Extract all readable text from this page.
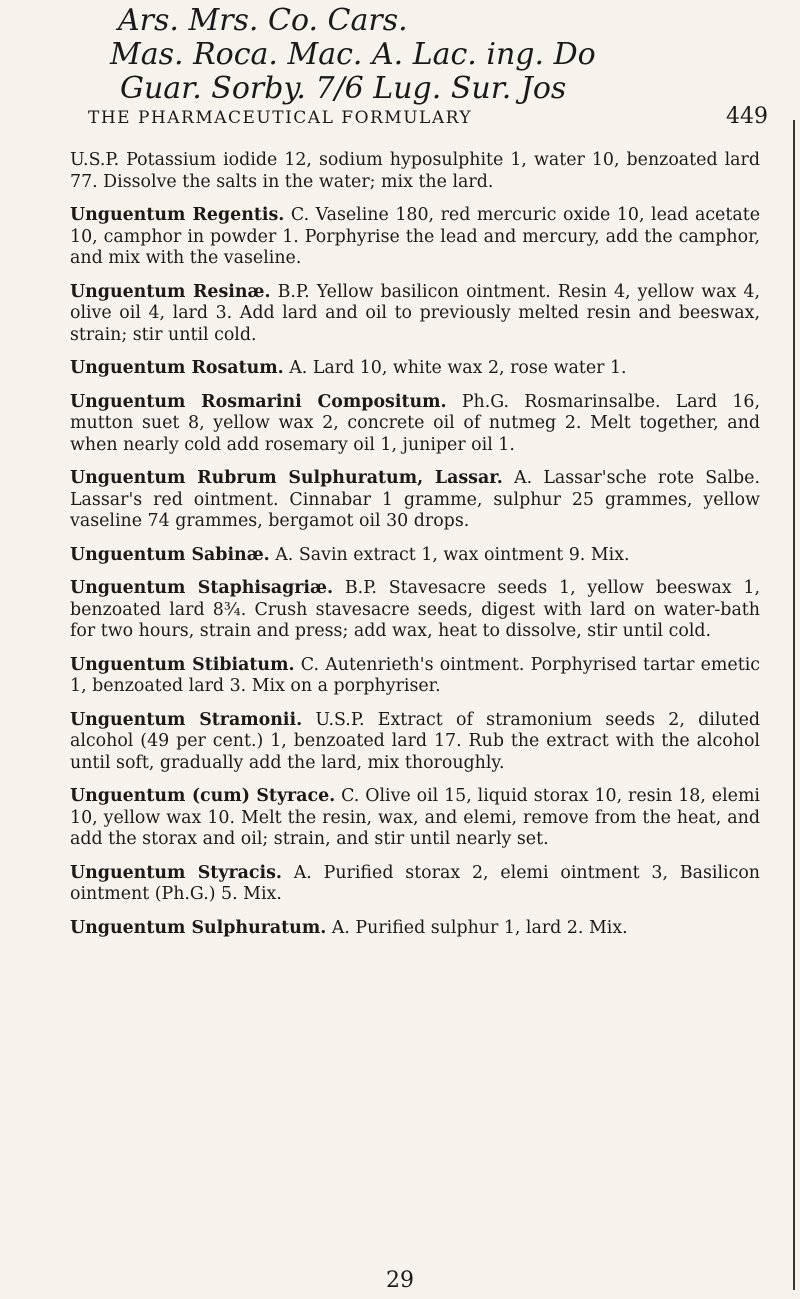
Ars. Mrs. Co. Cars.
Mas. Roca. Mac. A. Lac. ing. Do
Guar. Sorby. 7/6 Lug. Sur. Jos
THE PHARMACEUTICAL FORMULARY	449

U.S.P. Potassium iodide 12, sodium hyposulphite 1, water 10, benzoated lard 77. Dissolve the salts in the water; mix the lard.

Unguentum Regentis. C. Vaseline 180, red mercuric oxide 10, lead acetate 10, camphor in powder 1. Porphyrise the lead and mercury, add the camphor, and mix with the vaseline.

Unguentum Resinæ. B.P. Yellow basilicon ointment. Resin 4, yellow wax 4, olive oil 4, lard 3. Add lard and oil to previously melted resin and beeswax, strain; stir until cold.

Unguentum Rosatum. A. Lard 10, white wax 2, rose water 1.

Unguentum Rosmarini Compositum. Ph.G. Rosmarinsalbe. Lard 16, mutton suet 8, yellow wax 2, concrete oil of nutmeg 2. Melt together, and when nearly cold add rosemary oil 1, juniper oil 1.

Unguentum Rubrum Sulphuratum, Lassar. A. Lassar'sche rote Salbe. Lassar's red ointment. Cinnabar 1 gramme, sulphur 25 grammes, yellow vaseline 74 grammes, bergamot oil 30 drops.

Unguentum Sabinæ. A. Savin extract 1, wax ointment 9. Mix.

Unguentum Staphisagriæ. B.P. Stavesacre seeds 1, yellow beeswax 1, benzoated lard 8¾. Crush stavesacre seeds, digest with lard on water-bath for two hours, strain and press; add wax, heat to dissolve, stir until cold.

Unguentum Stibiatum. C. Autenrieth's ointment. Porphyrised tartar emetic 1, benzoated lard 3. Mix on a porphyriser.

Unguentum Stramonii. U.S.P. Extract of stramonium seeds 2, diluted alcohol (49 per cent.) 1, benzoated lard 17. Rub the extract with the alcohol until soft, gradually add the lard, mix thoroughly.

Unguentum (cum) Styrace. C. Olive oil 15, liquid storax 10, resin 18, elemi 10, yellow wax 10. Melt the resin, wax, and elemi, remove from the heat, and add the storax and oil; strain, and stir until nearly set.

Unguentum Styracis. A. Purified storax 2, elemi ointment 3, Basilicon ointment (Ph.G.) 5. Mix.

Unguentum Sulphuratum. A. Purified sulphur 1, lard 2. Mix.

29
